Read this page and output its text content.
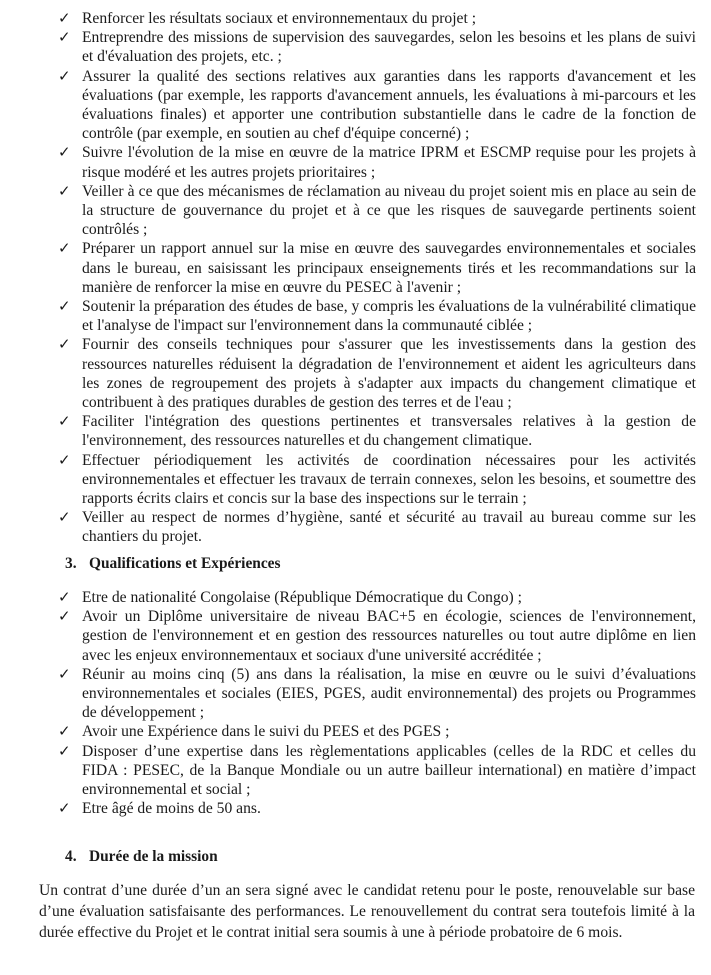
✓ Renforcer les résultats sociaux et environnementaux du projet ;
✓ Entreprendre des missions de supervision des sauvegardes, selon les besoins et les plans de suivi et d'évaluation des projets, etc. ;
✓ Assurer la qualité des sections relatives aux garanties dans les rapports d'avancement et les évaluations (par exemple, les rapports d'avancement annuels, les évaluations à mi-parcours et les évaluations finales) et apporter une contribution substantielle dans le cadre de la fonction de contrôle (par exemple, en soutien au chef d'équipe concerné) ;
✓ Suivre l'évolution de la mise en œuvre de la matrice IPRM et ESCMP requise pour les projets à risque modéré et les autres projets prioritaires ;
✓ Veiller à ce que des mécanismes de réclamation au niveau du projet soient mis en place au sein de la structure de gouvernance du projet et à ce que les risques de sauvegarde pertinents soient contrôlés ;
✓ Préparer un rapport annuel sur la mise en œuvre des sauvegardes environnementales et sociales dans le bureau, en saisissant les principaux enseignements tirés et les recommandations sur la manière de renforcer la mise en œuvre du PESEC à l'avenir ;
✓ Soutenir la préparation des études de base, y compris les évaluations de la vulnérabilité climatique et l'analyse de l'impact sur l'environnement dans la communauté ciblée ;
✓ Fournir des conseils techniques pour s'assurer que les investissements dans la gestion des ressources naturelles réduisent la dégradation de l'environnement et aident les agriculteurs dans les zones de regroupement des projets à s'adapter aux impacts du changement climatique et contribuent à des pratiques durables de gestion des terres et de l'eau ;
✓ Faciliter l'intégration des questions pertinentes et transversales relatives à la gestion de l'environnement, des ressources naturelles et du changement climatique.
✓ Effectuer périodiquement les activités de coordination nécessaires pour les activités environnementales et effectuer les travaux de terrain connexes, selon les besoins, et soumettre des rapports écrits clairs et concis sur la base des inspections sur le terrain ;
✓ Veiller au respect de normes d’hygiène, santé et sécurité au travail au bureau comme sur les chantiers du projet.
3. Qualifications et Expériences
✓ Etre de nationalité Congolaise (République Démocratique du Congo) ;
✓ Avoir un Diplôme universitaire de niveau BAC+5 en écologie, sciences de l'environnement, gestion de l'environnement et en gestion des ressources naturelles ou tout autre diplôme en lien avec les enjeux environnementaux et sociaux d'une université accréditée ;
✓ Réunir au moins cinq (5) ans dans la réalisation, la mise en œuvre ou le suivi d’évaluations environnementales et sociales (EIES, PGES, audit environnemental) des projets ou Programmes de développement ;
✓ Avoir une Expérience dans le suivi du PEES et des PGES ;
✓ Disposer d’une expertise dans les règlementations applicables (celles de la RDC et celles du FIDA : PESEC, de la Banque Mondiale ou un autre bailleur international) en matière d’impact environnemental et social ;
✓ Etre âgé de moins de 50 ans.
4. Durée de la mission

Un contrat d’une durée d’un an sera signé avec le candidat retenu pour le poste, renouvelable sur base d’une évaluation satisfaisante des performances. Le renouvellement du contrat sera toutefois limité à la durée effective du Projet et le contrat initial sera soumis à une à période probatoire de 6 mois.
